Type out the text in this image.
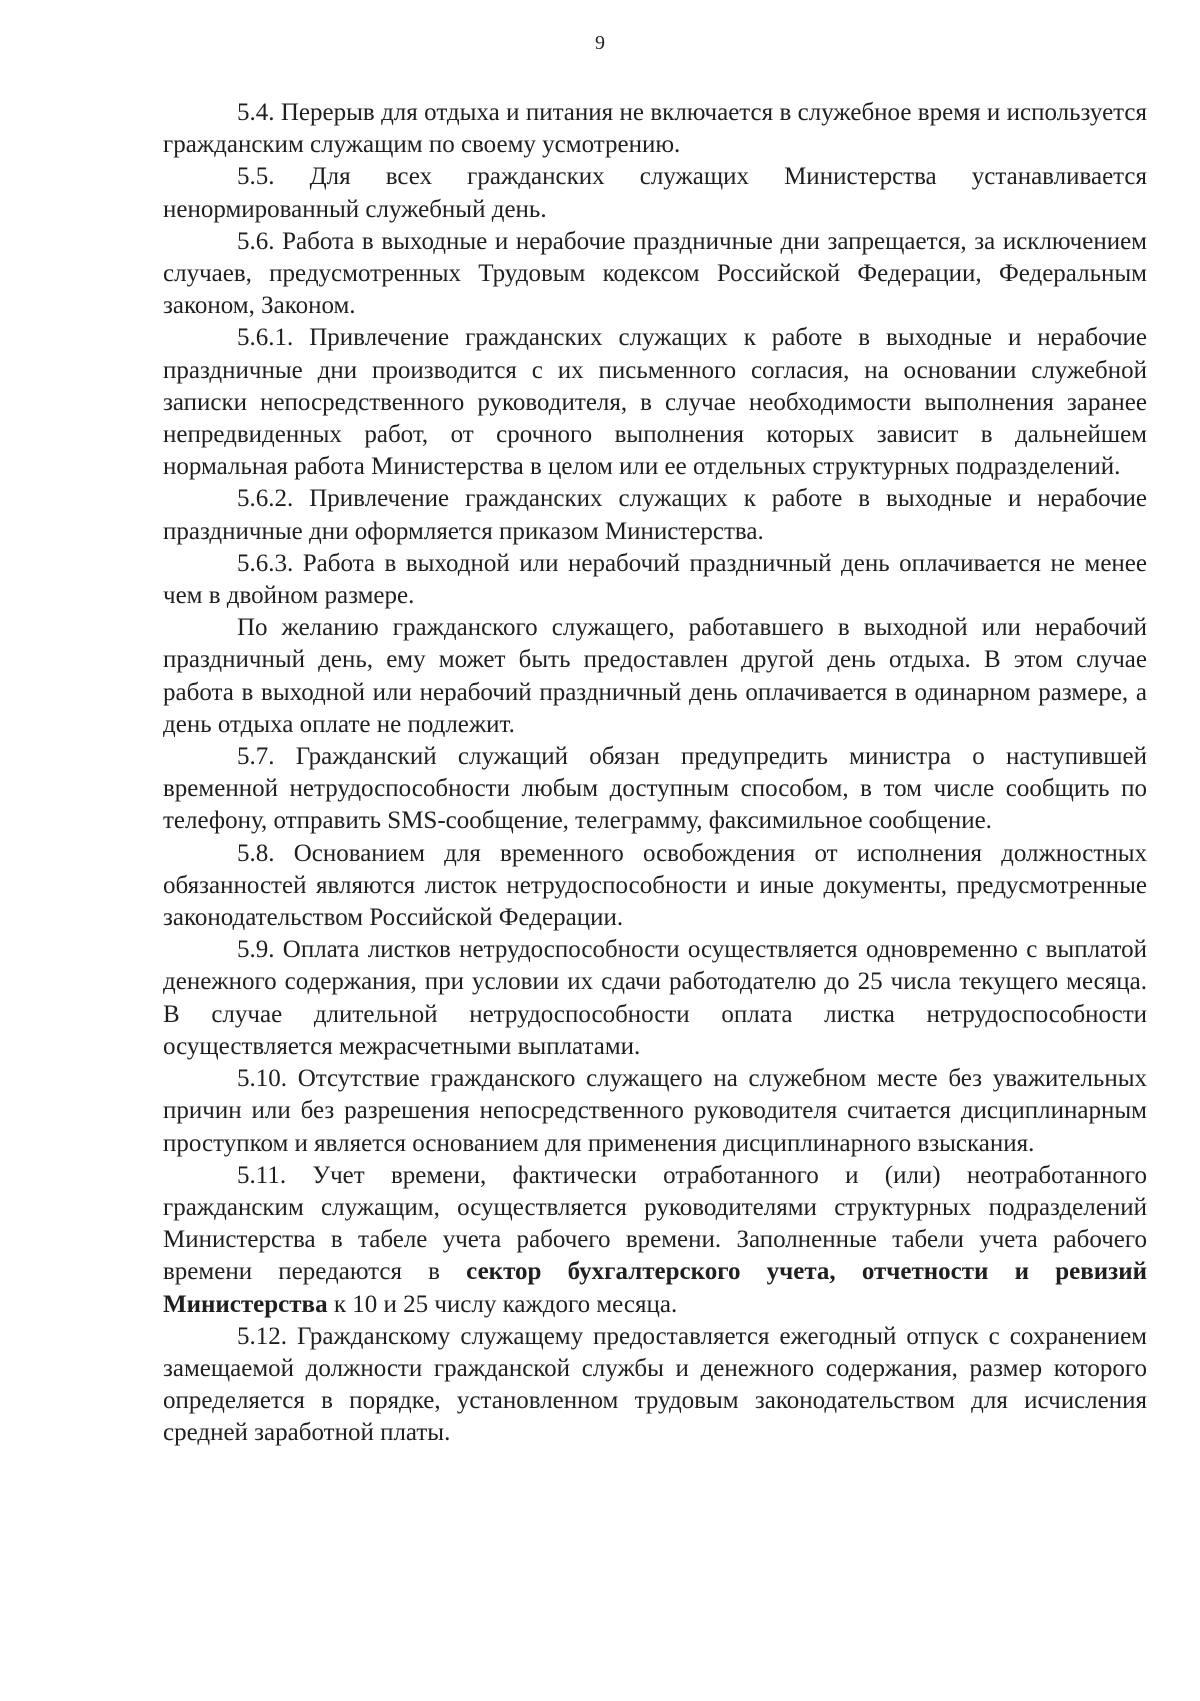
9

5.4. Перерыв для отдыха и питания не включается в служебное время и используется гражданским служащим по своему усмотрению.

5.5. Для всех гражданских служащих Министерства устанавливается ненормированный служебный день.

5.6. Работа в выходные и нерабочие праздничные дни запрещается, за исключением случаев, предусмотренных Трудовым кодексом Российской Федерации, Федеральным законом, Законом.

5.6.1. Привлечение гражданских служащих к работе в выходные и нерабочие праздничные дни производится с их письменного согласия, на основании служебной записки непосредственного руководителя, в случае необходимости выполнения заранее непредвиденных работ, от срочного выполнения которых зависит в дальнейшем нормальная работа Министерства в целом или ее отдельных структурных подразделений.

5.6.2. Привлечение гражданских служащих к работе в выходные и нерабочие праздничные дни оформляется приказом Министерства.

5.6.3. Работа в выходной или нерабочий праздничный день оплачивается не менее чем в двойном размере.

По желанию гражданского служащего, работавшего в выходной или нерабочий праздничный день, ему может быть предоставлен другой день отдыха. В этом случае работа в выходной или нерабочий праздничный день оплачивается в одинарном размере, а день отдыха оплате не подлежит.

5.7. Гражданский служащий обязан предупредить министра о наступившей временной нетрудоспособности любым доступным способом, в том числе сообщить по телефону, отправить SMS-сообщение, телеграмму, факсимильное сообщение.

5.8. Основанием для временного освобождения от исполнения должностных обязанностей являются листок нетрудоспособности и иные документы, предусмотренные законодательством Российской Федерации.

5.9. Оплата листков нетрудоспособности осуществляется одновременно с выплатой денежного содержания, при условии их сдачи работодателю до 25 числа текущего месяца. В случае длительной нетрудоспособности оплата листка нетрудоспособности осуществляется межрасчетными выплатами.

5.10. Отсутствие гражданского служащего на служебном месте без уважительных причин или без разрешения непосредственного руководителя считается дисциплинарным проступком и является основанием для применения дисциплинарного взыскания.

5.11. Учет времени, фактически отработанного и (или) неотработанного гражданским служащим, осуществляется руководителями структурных подразделений Министерства в табеле учета рабочего времени. Заполненные табели учета рабочего времени передаются в сектор бухгалтерского учета, отчетности и ревизий Министерства к 10 и 25 числу каждого месяца.

5.12. Гражданскому служащему предоставляется ежегодный отпуск с сохранением замещаемой должности гражданской службы и денежного содержания, размер которого определяется в порядке, установленном трудовым законодательством для исчисления средней заработной платы.
